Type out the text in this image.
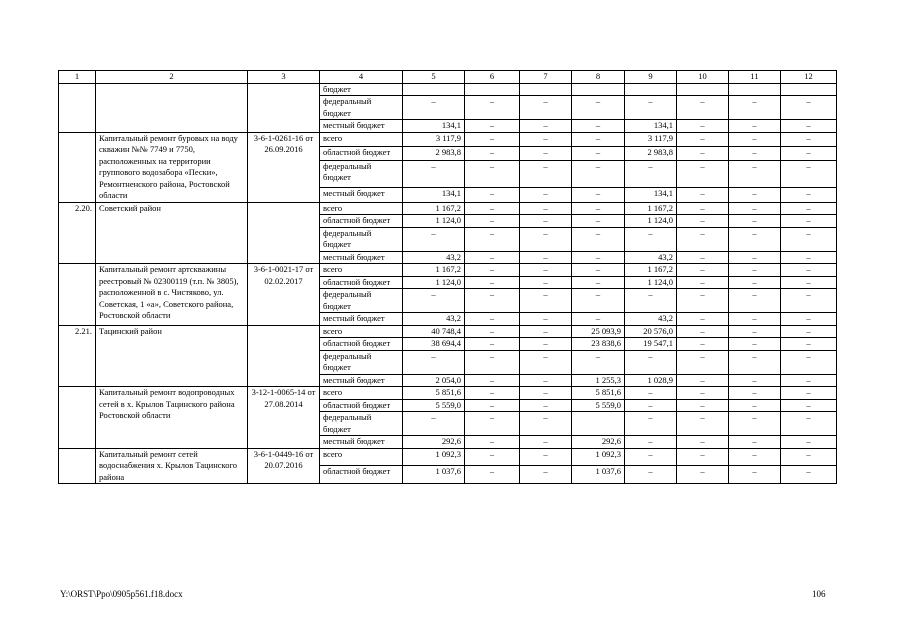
1	2	3	4	5	6	7	8	9	10	11	12
			бюджет								
			федеральный бюджет	–	–	–	–	–	–	–	–
			местный бюджет	134,1	–	–	–	134,1	–	–	–
	Капитальный ремонт буровых на воду скважин №№ 7749 и 7750, расположенных на территории группового водозабора «Пески», Ремонтненского района, Ростовской области	3-6-1-0261-16 от 26.09.2016	всего	3 117,9	–	–	–	3 117,9	–	–	–
			областной бюджет	2 983,8	–	–	–	2 983,8	–	–	–
			федеральный бюджет	–	–	–	–	–	–	–	–
			местный бюджет	134,1	–	–	–	134,1	–	–	–
2.20.	Советский район		всего	1 167,2	–	–	–	1 167,2	–	–	–
			областной бюджет	1 124,0	–	–	–	1 124,0	–	–	–
			федеральный бюджет	–	–	–	–	–	–	–	–
			местный бюджет	43,2	–	–	–	43,2	–	–	–
	Капитальный ремонт артскважины реестровый № 02300119 (т.п. № 3805), расположенной в с. Чистяково, ул. Советская, 1 «а», Советского района, Ростовской области	3-6-1-0021-17 от 02.02.2017	всего	1 167,2	–	–	–	1 167,2	–	–	–
			областной бюджет	1 124,0	–	–	–	1 124,0	–	–	–
			федеральный бюджет	–	–	–	–	–	–	–	–
			местный бюджет	43,2	–	–	–	43,2	–	–	–
2.21.	Тацинский район		всего	40 748,4	–	–	25 093,9	20 576,0	–	–	–
			областной бюджет	38 694,4	–	–	23 838,6	19 547,1	–	–	–
			федеральный бюджет	–	–	–	–	–	–	–	–
			местный бюджет	2 054,0	–	–	1 255,3	1 028,9	–	–	–
	Капитальный ремонт водопроводных сетей в х. Крылов Тацинского района Ростовской области	3-12-1-0065-14 от 27.08.2014	всего	5 851,6	–	–	5 851,6	–	–	–	–
			областной бюджет	5 559,0	–	–	5 559,0	–	–	–	–
			федеральный бюджет	–	–	–		–	–	–	–
			местный бюджет	292,6	–	–	292,6	–	–	–	–
	Капитальный ремонт сетей водоснабжения х. Крылов Тацинского района	3-6-1-0449-16 от 20.07.2016	всего	1 092,3	–	–	1 092,3	–	–	–	–
			областной бюджет	1 037,6	–	–	1 037,6	–	–	–	–
Y:\ORST\Ppo\0905p561.f18.docx	106
